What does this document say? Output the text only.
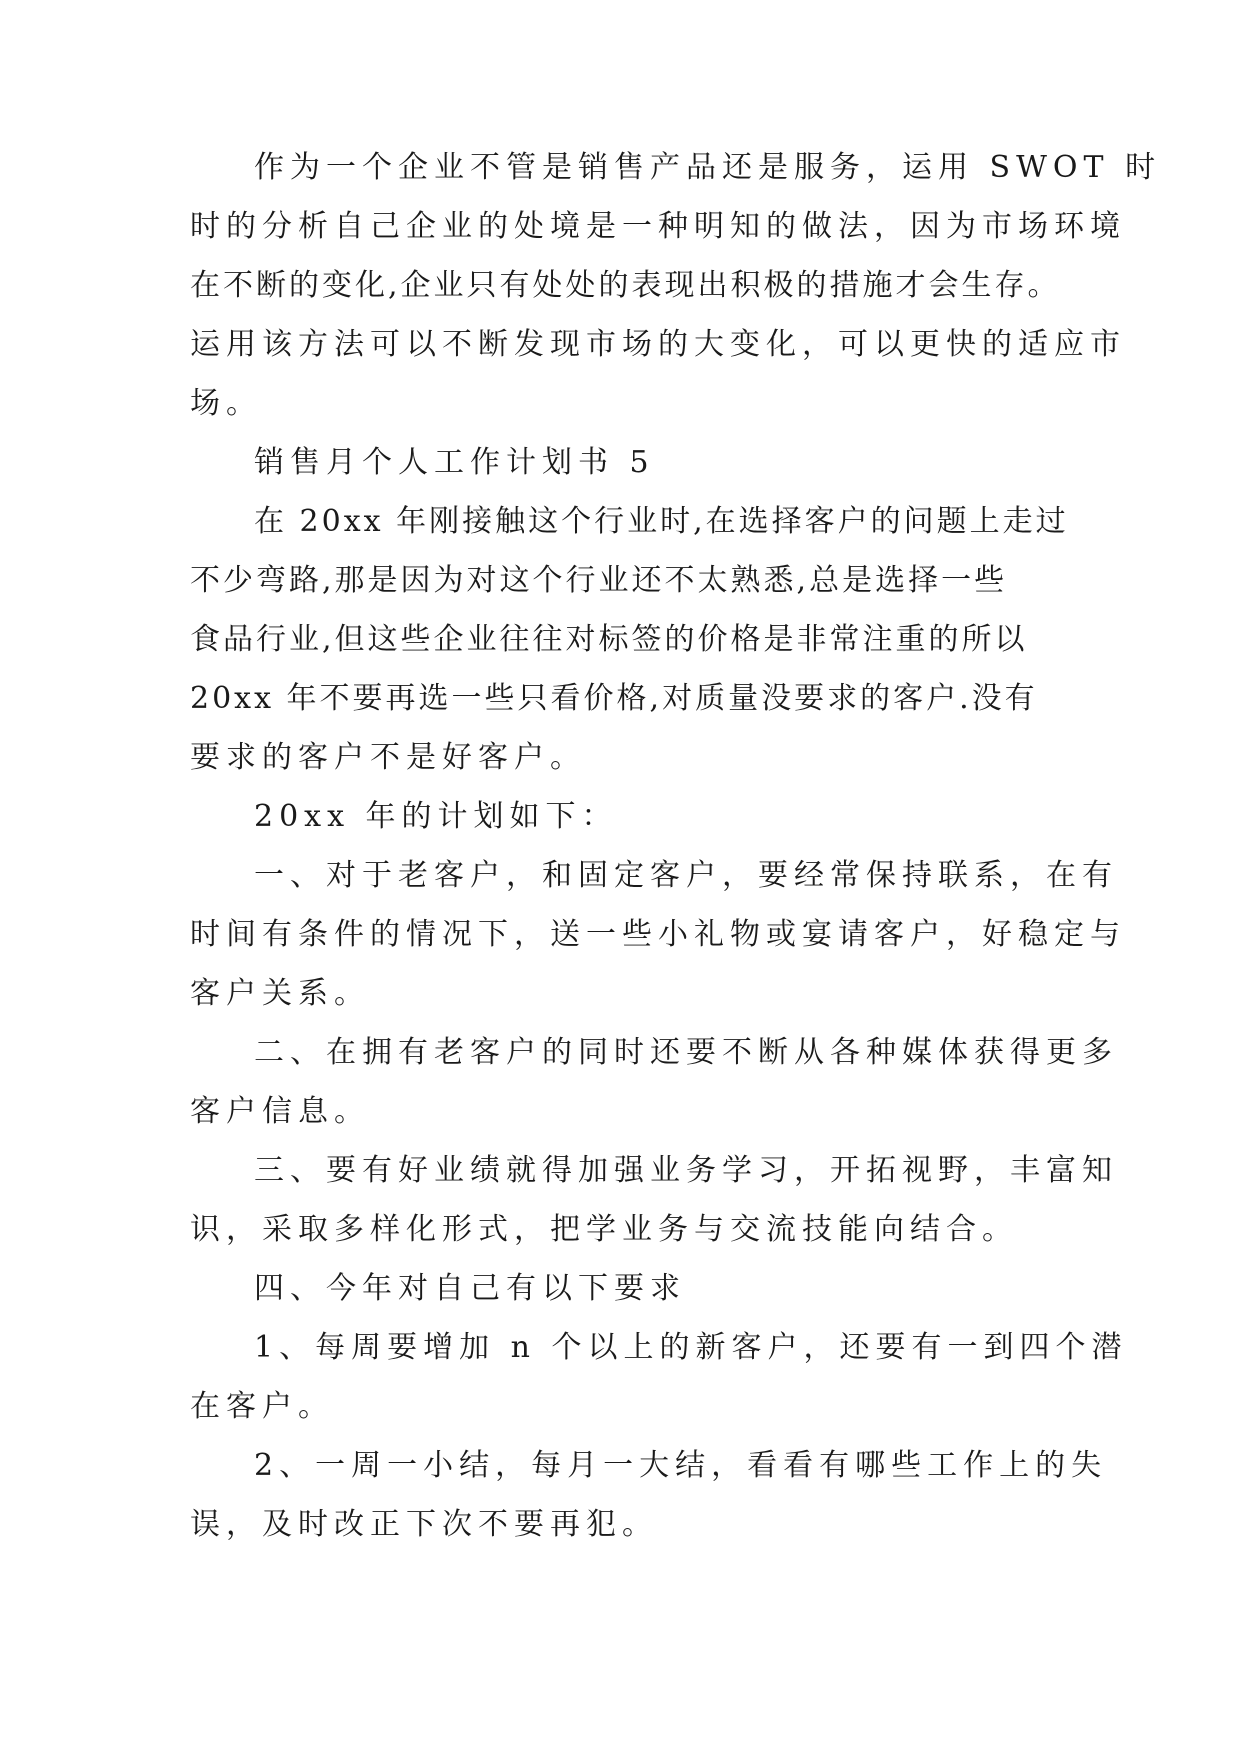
作为一个企业不管是销售产品还是服务，运用 SWOT 时
时的分析自己企业的处境是一种明知的做法，因为市场环境
在不断的变化,企业只有处处的表现出积极的措施才会生存。
运用该方法可以不断发现市场的大变化，可以更快的适应市
场。
销售月个人工作计划书 5
在 20xx 年刚接触这个行业时,在选择客户的问题上走过
不少弯路,那是因为对这个行业还不太熟悉,总是选择一些
食品行业,但这些企业往往对标签的价格是非常注重的所以
20xx 年不要再选一些只看价格,对质量没要求的客户.没有
要求的客户不是好客户。
20xx 年的计划如下：
一、对于老客户，和固定客户，要经常保持联系，在有
时间有条件的情况下，送一些小礼物或宴请客户，好稳定与
客户关系。
二、在拥有老客户的同时还要不断从各种媒体获得更多
客户信息。
三、要有好业绩就得加强业务学习，开拓视野，丰富知
识，采取多样化形式，把学业务与交流技能向结合。
四、今年对自己有以下要求
1、每周要增加 n 个以上的新客户，还要有一到四个潜
在客户。
2、一周一小结，每月一大结，看看有哪些工作上的失
误，及时改正下次不要再犯。
